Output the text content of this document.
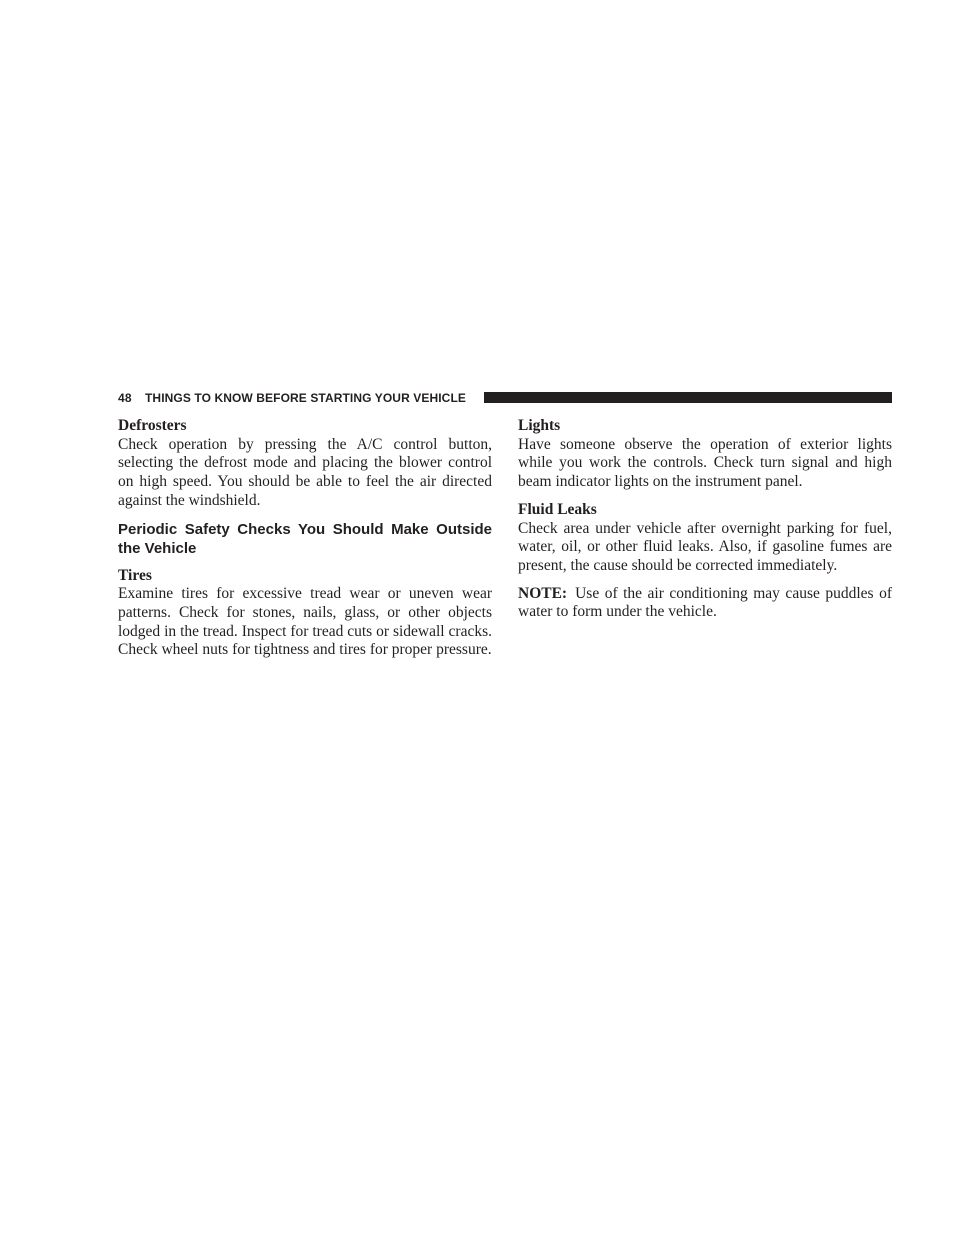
48 THINGS TO KNOW BEFORE STARTING YOUR VEHICLE

Defrosters

Check operation by pressing the A/C control button, selecting the defrost mode and placing the blower control on high speed. You should be able to feel the air directed against the windshield.

Periodic Safety Checks You Should Make Outside the Vehicle

Tires

Examine tires for excessive tread wear or uneven wear patterns. Check for stones, nails, glass, or other objects lodged in the tread. Inspect for tread cuts or sidewall cracks. Check wheel nuts for tightness and tires for proper pressure.

Lights

Have someone observe the operation of exterior lights while you work the controls. Check turn signal and high beam indicator lights on the instrument panel.

Fluid Leaks

Check area under vehicle after overnight parking for fuel, water, oil, or other fluid leaks. Also, if gasoline fumes are present, the cause should be corrected immediately.

NOTE: Use of the air conditioning may cause puddles of water to form under the vehicle.
